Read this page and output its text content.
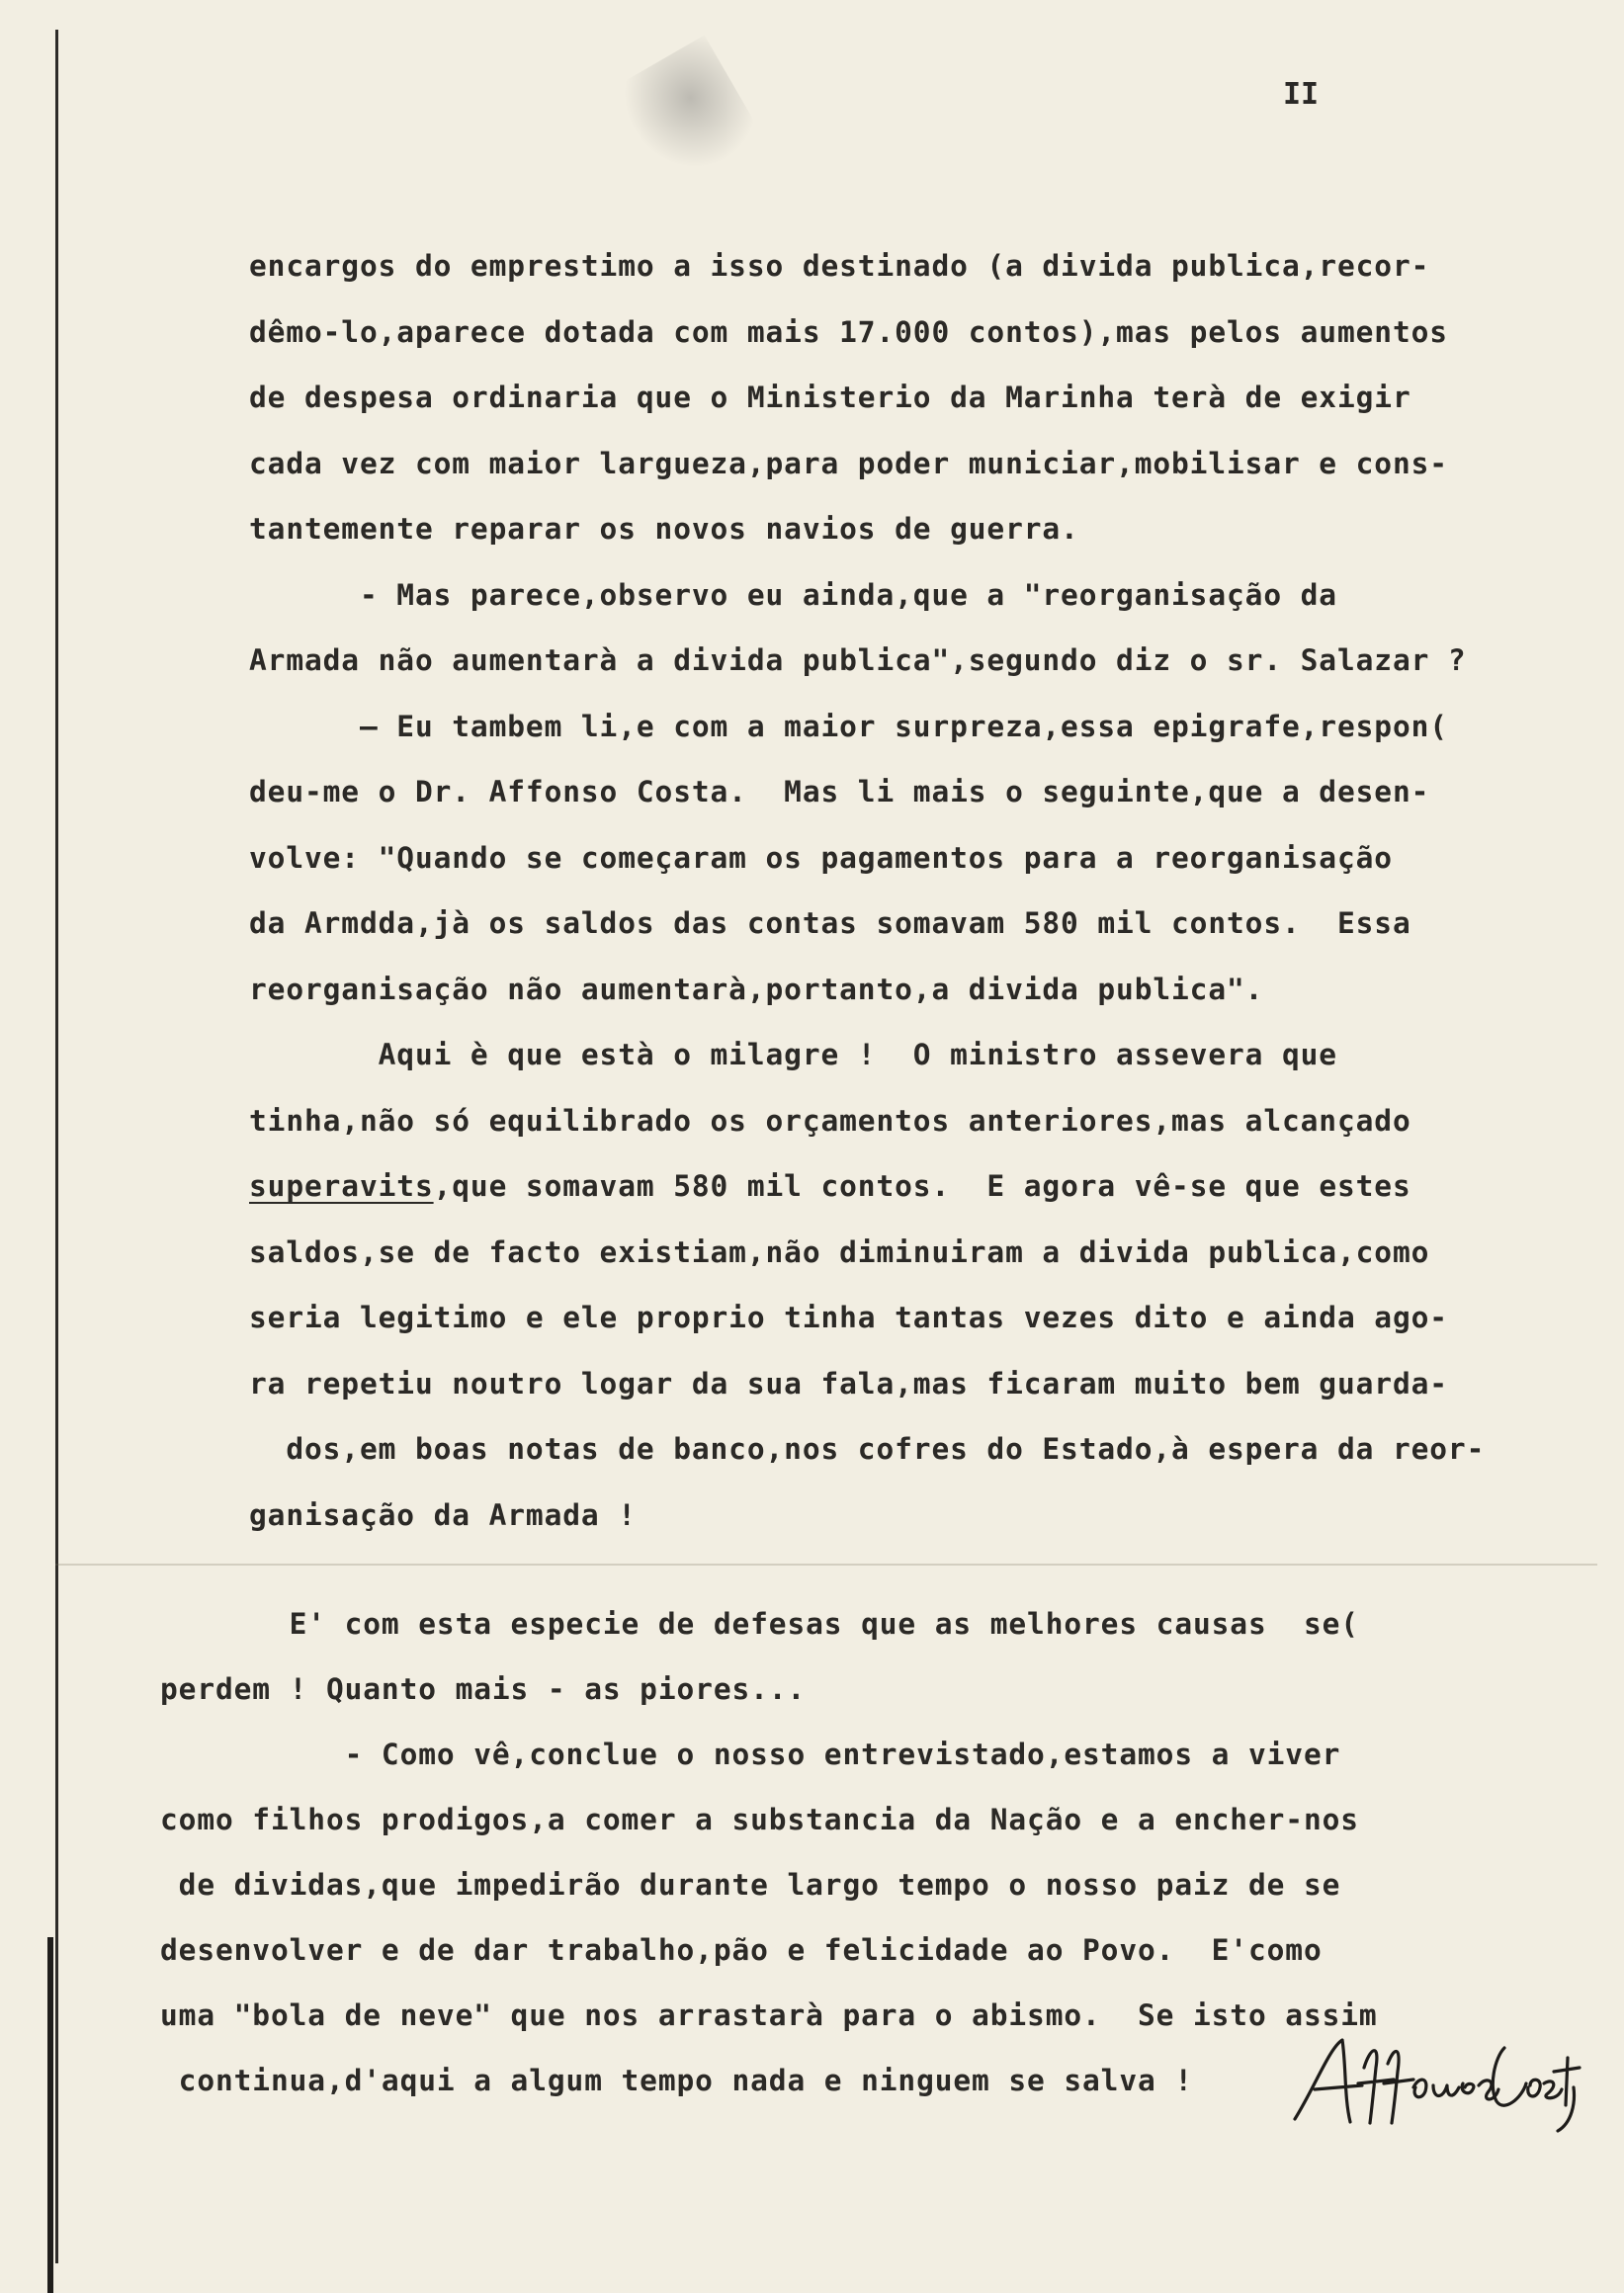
II
encargos do emprestimo a isso destinado (a divida publica,recor-
dêmo-lo,aparece dotada com mais 17.000 contos),mas pelos aumentos
de despesa ordinaria que o Ministerio da Marinha terà de exigir
cada vez com maior largueza,para poder municiar,mobilisar e cons-
tantemente reparar os novos navios de guerra.
- Mas parece,observo eu ainda,que a "reorganisação da
Armada não aumentarà a divida publica",segundo diz o sr. Salazar ?
— Eu tambem li,e com a maior surpreza,essa epigrafe,respon(
deu-me o Dr. Affonso Costa.  Mas li mais o seguinte,que a desen-
volve: "Quando se começaram os pagamentos para a reorganisação
da Armdda,jà os saldos das contas somavam 580 mil contos.  Essa
reorganisação não aumentarà,portanto,a divida publica".
Aqui è que està o milagre !  O ministro assevera que
tinha,não só equilibrado os orçamentos anteriores,mas alcançado
superavits,que somavam 580 mil contos.  E agora vê-se que estes
saldos,se de facto existiam,não diminuiram a divida publica,como
seria legitimo e ele proprio tinha tantas vezes dito e ainda ago-
ra repetiu noutro logar da sua fala,mas ficaram muito bem guarda-
dos,em boas notas de banco,nos cofres do Estado,à espera da reor-
ganisação da Armada !
E' com esta especie de defesas que as melhores causas  se(
perdem ! Quanto mais - as piores...
- Como vê,conclue o nosso entrevistado,estamos a viver
como filhos prodigos,a comer a substancia da Nação e a encher-nos
de dividas,que impedirão durante largo tempo o nosso paiz de se
desenvolver e de dar trabalho,pão e felicidade ao Povo.  E'como
uma "bola de neve" que nos arrastarà para o abismo.  Se isto assim
continua,d'aqui a algum tempo nada e ninguem se salva !
